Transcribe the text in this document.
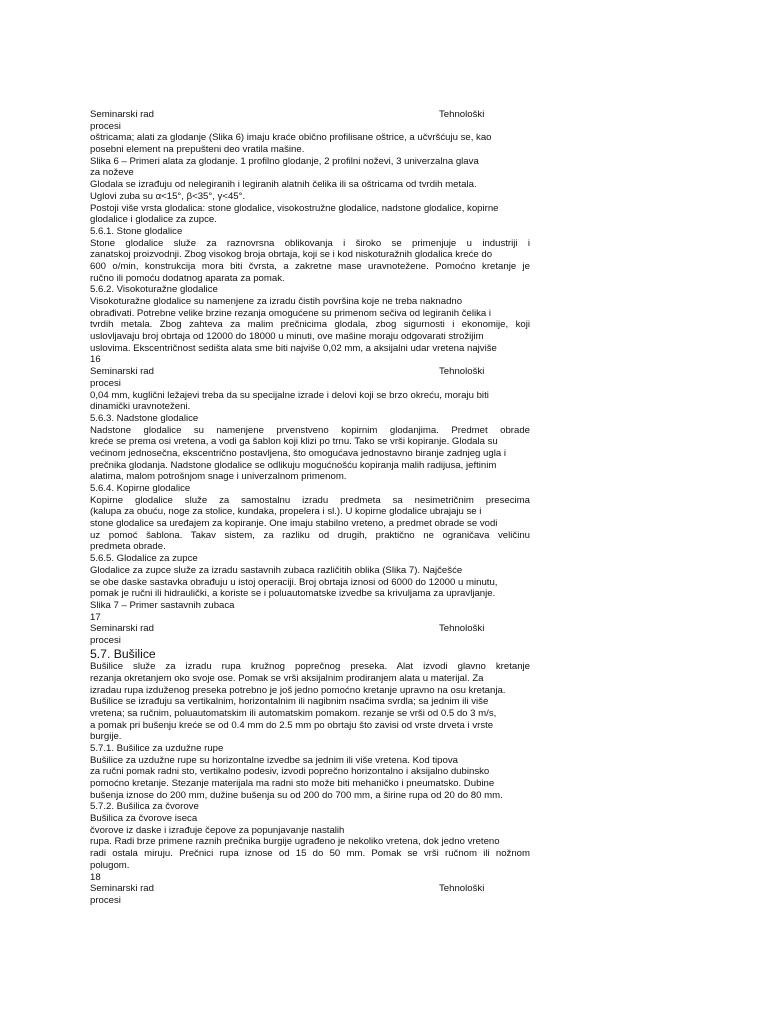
Seminarski rad	Tehnološki
procesi
oštricama; alati za glodanje (Slika 6) imaju kraće obično profilisane oštrice, a učvršćuju se, kao
posebni element na prepušteni deo vratila mašine.
Slika 6 – Primeri alata za glodanje. 1 profilno glodanje, 2 profilni noževi, 3 univerzalna glava
za noževe
Glodala se izrađuju od nelegiranih i legiranih alatnih čelika ili sa oštricama od tvrdih metala.
Uglovi zuba su α<15°, β<35°, γ<45°.
Postoji više vrsta glodalica: stone glodalice, visokostružne glodalice, nadstone glodalice, kopirne
glodalice i glodalice za zupce.
5.6.1. Stone glodalice
Stone glodalice služe za raznovrsna oblikovanja i široko se primenjuje u industriji i
zanatskoj proizvodnji. Zbog visokog broja obrtaja, koji se i kod niskoturažnih glodalica kreće do
600 o/min, konstrukcija mora biti čvrsta, a zakretne mase uravnotežene. Pomoćno kretanje je
ručno ili pomoću dodatnog aparata za pomak.
5.6.2. Visokoturažne glodalice
Visokoturažne glodalice su namenjene za izradu čistih površina koje ne treba naknadno
obrađivati. Potrebne velike brzine rezanja omogućene su primenom sečiva od legiranih čelika i
tvrdih metala. Zbog zahteva za malim prečnicima glodala, zbog sigurnosti i ekonomije, koji
uslovljavaju broj obrtaja od 12000 do 18000 u minuti, ove mašine moraju odgovarati strožijim
uslovima. Ekscentričnost sedišta alata sme biti najviše 0,02 mm, a aksijalni udar vretena najviše
16
Seminarski rad	Tehnološki
procesi
0,04 mm, kuglični ležajevi treba da su specijalne izrade i delovi koji se brzo okreću, moraju biti
dinamički uravnoteženi.
5.6.3. Nadstone glodalice
Nadstone glodalice su namenjene prvenstveno kopirnim glodanjima. Predmet obrade
kreće se prema osi vretena, a vodi ga šablon koji klizi po trnu. Tako se vrši kopiranje. Glodala su
većinom jednosečna, ekscentrično postavljena, što omogućava jednostavno biranje zadnjeg ugla i
prečnika glodanja. Nadstone glodalice se odlikuju mogućnošću kopiranja malih radijusa, jeftinim
alatima, malom potrošnjom snage i univerzalnom primenom.
5.6.4. Kopirne glodalice
Kopirne glodalice služe za samostalnu izradu predmeta sa nesimetričnim presecima
(kalupa za obuću, noge za stolice, kundaka, propelera i sl.). U kopirne glodalice ubrajaju se i
stone glodalice sa uređajem za kopiranje. One imaju stabilno vreteno, a predmet obrade se vodi
uz pomoć šablona. Takav sistem, za razliku od drugih, praktično ne ograničava veličinu
predmeta obrade.
5.6.5. Glodalice za zupce
Glodalice za zupce služe za izradu sastavnih zubaca različitih oblika (Slika 7). Najčešće
se obe daske sastavka obrađuju u istoj operaciji. Broj obrtaja iznosi od 6000 do 12000 u minutu,
pomak je ručni ili hidraulički, a koriste se i poluautomatske izvedbe sa krivuljama za upravljanje.
Slika 7 – Primer sastavnih zubaca
17
Seminarski rad	Tehnološki
procesi
5.7. Bušilice
Bušilice služe za izradu rupa kružnog poprečnog preseka. Alat izvodi glavno kretanje
rezanja okretanjem oko svoje ose. Pomak se vrši aksijalnim prodiranjem alata u materijal. Za
izradau rupa izduženog preseka potrebno je još jedno pomoćno kretanje upravno na osu kretanja.
Bušilice se izrađuju sa vertikalnim, horizontalnim ili nagibnim nsačima svrdla; sa jednim ili više
vretena; sa ručnim, poluautomatskim ili automatskim pomakom. rezanje se vrši od 0.5 do 3 m/s,
a pomak pri bušenju kreće se od 0.4 mm do 2.5 mm po obrtaju što zavisi od vrste drveta i vrste
burgije.
5.7.1. Bušilice za uzdužne rupe
Bušilice za uzdužne rupe su horizontalne izvedbe sa jednim ili više vretena. Kod tipova
za ručni pomak radni sto, vertikalno podesiv, izvodi poprečno horizontalno i aksijalno dubinsko
pomoćno kretanje. Stezanje materijala ma radni sto može biti mehaničko i pneumatsko. Dubine
bušenja iznose do 200 mm, dužine bušenja su od 200 do 700 mm, a širine rupa od 20 do 80 mm.
5.7.2. Bušilica za čvorove
Bušilica za čvorove iseca
čvorove iz daske i izrađuje čepove za popunjavanje nastalih
rupa. Radi brze primene raznih prečnika burgije ugrađeno je nekoliko vretena, dok jedno vreteno
radi ostala miruju. Prečnici rupa iznose od 15 do 50 mm. Pomak se vrši ručnom ili nožnom
polugom.
18
Seminarski rad	Tehnološki
procesi
